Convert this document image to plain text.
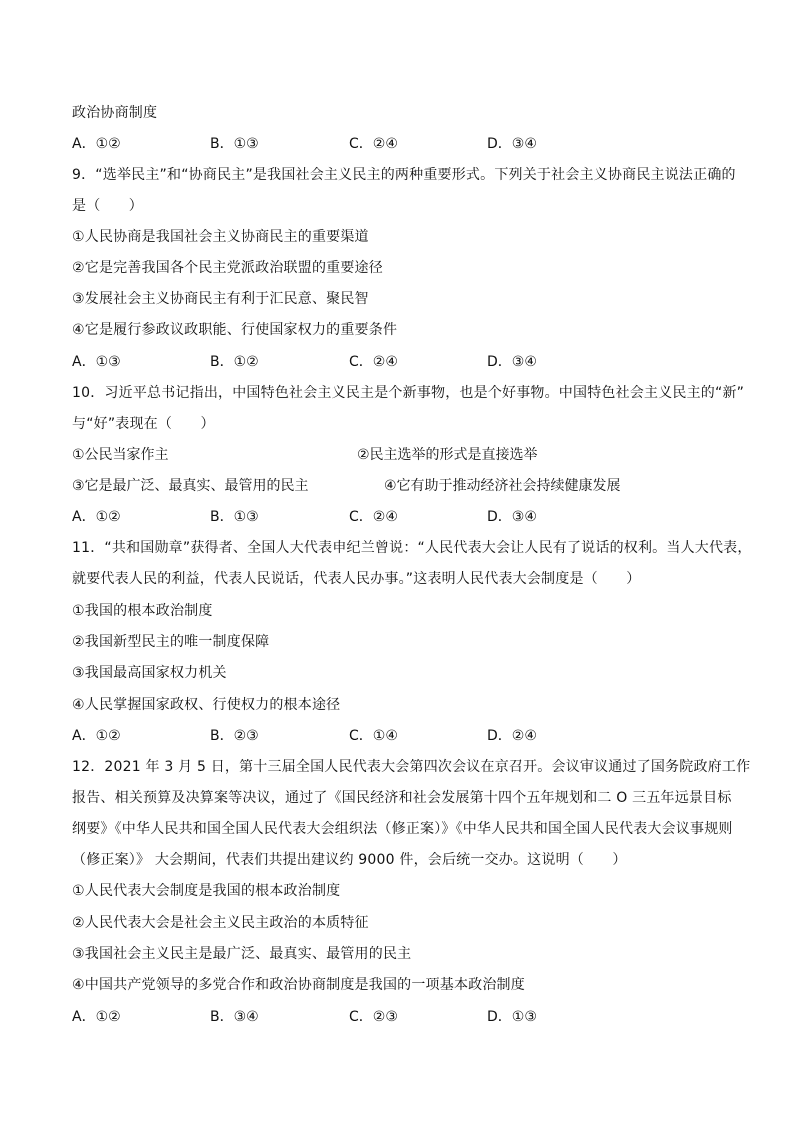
政治协商制度
A．①②	B．①③	C．②④	D．③④
9．“选举民主”和“协商民主”是我国社会主义民主的两种重要形式。下列关于社会主义协商民主说法正确的
是（　　）
①人民协商是我国社会主义协商民主的重要渠道
②它是完善我国各个民主党派政治联盟的重要途径
③发展社会主义协商民主有利于汇民意、聚民智
④它是履行参政议政职能、行使国家权力的重要条件
A．①③	B．①②	C．②④	D．③④
10．习近平总书记指出，中国特色社会主义民主是个新事物，也是个好事物。中国特色社会主义民主的“新”
与“好”表现在（　　）
①公民当家作主	②民主选举的形式是直接选举
③它是最广泛、最真实、最管用的民主	④它有助于推动经济社会持续健康发展
A．①②	B．①③	C．②④	D．③④
11．“共和国勋章”获得者、全国人大代表申纪兰曾说：“人民代表大会让人民有了说话的权利。当人大代表，
就要代表人民的利益，代表人民说话，代表人民办事。”这表明人民代表大会制度是（　　）
①我国的根本政治制度
②我国新型民主的唯一制度保障
③我国最高国家权力机关
④人民掌握国家政权、行使权力的根本途径
A．①②	B．②③	C．①④	D．②④
12．2021 年 3 月 5 日，第十三届全国人民代表大会第四次会议在京召开。会议审议通过了国务院政府工作
报告、相关预算及决算案等决议，通过了《国民经济和社会发展第十四个五年规划和二 O 三五年远景目标
纲要》《中华人民共和国全国人民代表大会组织法（修正案）》《中华人民共和国全国人民代表大会议事规则
（修正案）》 大会期间，代表们共提出建议约 9000 件，会后统一交办。这说明（　　）
①人民代表大会制度是我国的根本政治制度
②人民代表大会是社会主义民主政治的本质特征
③我国社会主义民主是最广泛、最真实、最管用的民主
④中国共产党领导的多党合作和政治协商制度是我国的一项基本政治制度
A．①②	B．③④	C．②③	D．①③
